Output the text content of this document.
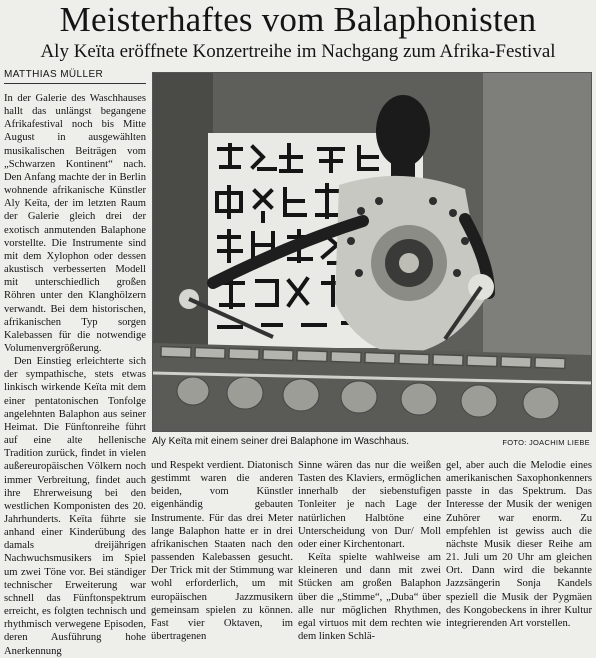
Meisterhaftes vom Balaphonisten
Aly Keïta eröffnete Konzertreihe im Nachgang zum Afrika-Festival
MATTHIAS MÜLLER

In der Galerie des Waschhauses hallt das unlängst begangene Afrikafestival noch bis Mitte August in ausgewählten musikalischen Beiträgen vom „Schwarzen Kontinent“ nach. Den Anfang machte der in Berlin wohnende afrikanische Künstler Aly Keïta, der im letzten Raum der Galerie gleich drei der exotisch anmutenden Balaphone vorstellte. Die Instrumente sind mit dem Xylophon oder dessen akustisch verbesserten Modell mit unterschiedlich großen Röhren unter den Klanghölzern verwandt. Bei dem historischen, afrikanischen Typ sorgen Kalebassen für die notwendige Volumenvergrößerung.

Den Einstieg erleichterte sich der sympathische, stets etwas linkisch wirkende Keïta mit dem einer pentatonischen Tonfolge angelehnten Balaphon aus seiner Heimat. Die Fünftonreihe führt auf eine alte hellenische Tradition zurück, findet in vielen außereuropäischen Völkern noch immer Verbreitung, findet auch ihre Ehrerweisung bei den westlichen Komponisten des 20. Jahrhunderts. Keïta führte sie anhand einer Kinderübung des damals dreijährigen Nachwuchsmusikers im Spiel um zwei Töne vor. Bei ständiger technischer Erweiterung war schnell das Fünftonspektrum erreicht, es folgten technisch und rhythmisch verwegene Episoden, deren Ausführung hohe Anerkennung

Aly Keïta mit einem seiner drei Balaphone im Waschhaus.	FOTO: JOACHIM LIEBE

und Respekt verdient. Diatonisch gestimmt waren die anderen beiden, vom Künstler eigenhändig gebauten Instrumente. Für das drei Meter lange Balaphon hatte er in drei afrikanischen Staaten nach den passenden Kalebassen gesucht. Der Trick mit der Stimmung war wohl erforderlich, um mit europäischen Jazzmusikern gemeinsam spielen zu können. Fast vier Oktaven, im übertragenen

Sinne wären das nur die weißen Tasten des Klaviers, ermöglichen innerhalb der siebenstufigen Tonleiter je nach Lage der natürlichen Halbtöne eine Unterscheidung von Dur/ Moll oder einer Kirchentonart.

Keïta spielte wahlweise am kleineren und dann mit zwei Stücken am großen Balaphon über die „Stimme“, „Duba“ über alle nur möglichen Rhythmen, egal virtuos mit dem rechten wie dem linken Schlä-

gel, aber auch die Melodie eines amerikanischen Saxophonkenners passte in das Spektrum. Das Interesse der Musik der wenigen Zuhörer war enorm. Zu empfehlen ist gewiss auch die nächste Musik dieser Reihe am 21. Juli um 20 Uhr am gleichen Ort. Dann wird die bekannte Jazzsängerin Sonja Kandels speziell die Musik der Pygmäen des Kongobeckens in ihrer Kultur integrierenden Art vorstellen.
